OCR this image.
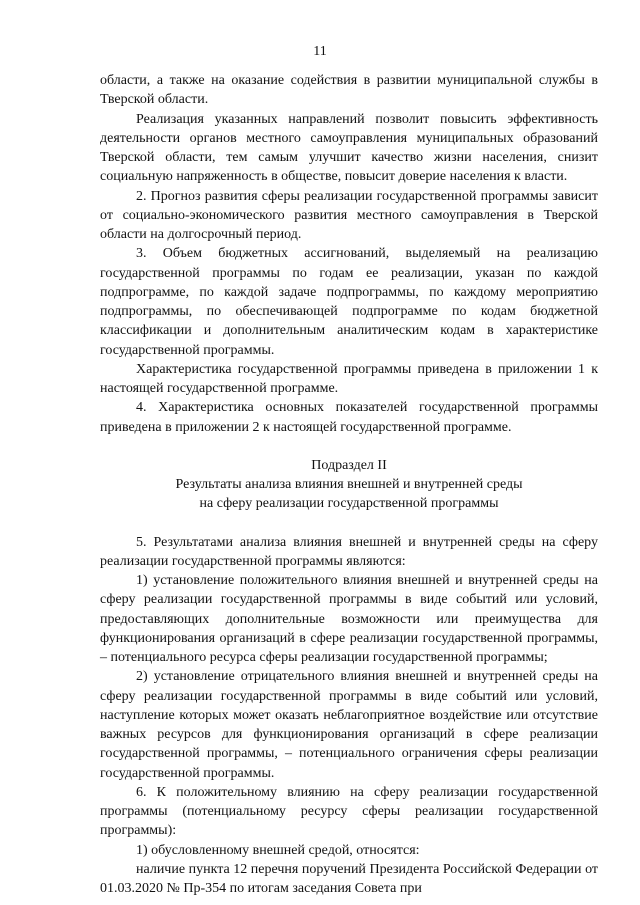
11

области, а также на оказание содействия в развитии муниципальной службы в Тверской области.

Реализация указанных направлений позволит повысить эффективность деятельности органов местного самоуправления муниципальных образований Тверской области, тем самым улучшит качество жизни населения, снизит социальную напряженность в обществе, повысит доверие населения к власти.

2. Прогноз развития сферы реализации государственной программы зависит от социально-экономического развития местного самоуправления в Тверской области на долгосрочный период.

3. Объем бюджетных ассигнований, выделяемый на реализацию государственной программы по годам ее реализации, указан по каждой подпрограмме, по каждой задаче подпрограммы, по каждому мероприятию подпрограммы, по обеспечивающей подпрограмме по кодам бюджетной классификации и дополнительным аналитическим кодам в характеристике государственной программы.

Характеристика государственной программы приведена в приложении 1 к настоящей государственной программе.

4. Характеристика основных показателей государственной программы приведена в приложении 2 к настоящей государственной программе.

Подраздел II
Результаты анализа влияния внешней и внутренней среды
на сферу реализации государственной программы

5. Результатами анализа влияния внешней и внутренней среды на сферу реализации государственной программы являются:

1) установление положительного влияния внешней и внутренней среды на сферу реализации государственной программы в виде событий или условий, предоставляющих дополнительные возможности или преимущества для функционирования организаций в сфере реализации государственной программы, – потенциального ресурса сферы реализации государственной программы;

2) установление отрицательного влияния внешней и внутренней среды на сферу реализации государственной программы в виде событий или условий, наступление которых может оказать неблагоприятное воздействие или отсутствие важных ресурсов для функционирования организаций в сфере реализации государственной программы, – потенциального ограничения сферы реализации государственной программы.

6. К положительному влиянию на сферу реализации государственной программы (потенциальному ресурсу сферы реализации государственной программы):

1) обусловленному внешней средой, относятся:

наличие пункта 12 перечня поручений Президента Российской Федерации от 01.03.2020 № Пр-354 по итогам заседания Совета при
